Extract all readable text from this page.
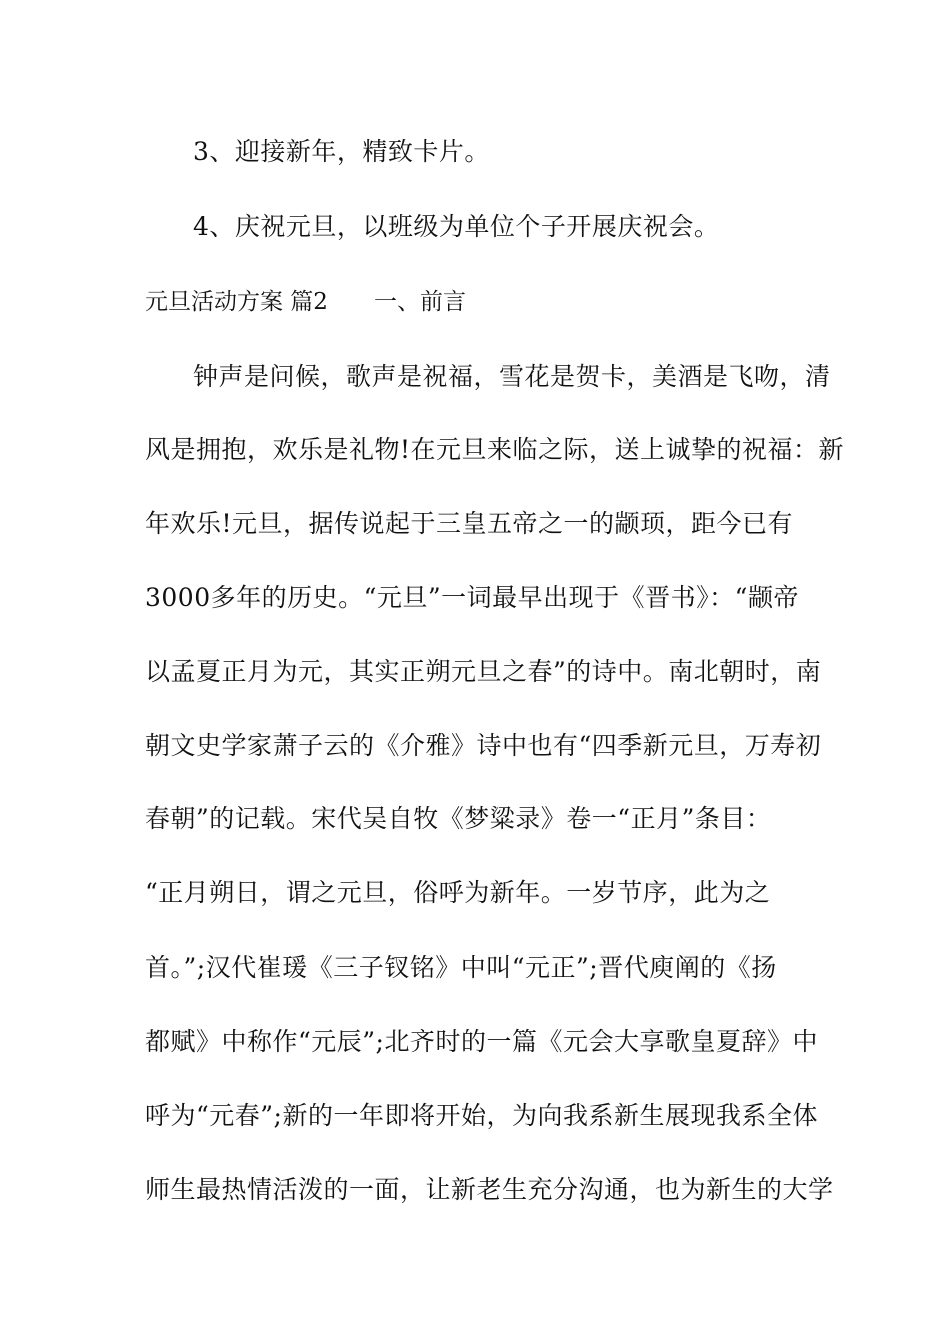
3、迎接新年，精致卡片。
4、庆祝元旦，以班级为单位个子开展庆祝会。
元旦活动方案 篇2 一、前言
钟声是问候，歌声是祝福，雪花是贺卡，美酒是飞吻，清
风是拥抱，欢乐是礼物!在元旦来临之际，送上诚挚的祝福：新
年欢乐!元旦，据传说起于三皇五帝之一的颛顼，距今已有
3000多年的历史。“元旦”一词最早出现于《晋书》：“颛帝
以孟夏正月为元，其实正朔元旦之春”的诗中。南北朝时，南
朝文史学家萧子云的《介雅》诗中也有“四季新元旦，万寿初
春朝”的记载。宋代吴自牧《梦粱录》卷一“正月”条目：
“正月朔日，谓之元旦，俗呼为新年。一岁节序，此为之
首。”;汉代崔瑗《三子钗铭》中叫“元正”;晋代庾阐的《扬
都赋》中称作“元辰”;北齐时的一篇《元会大享歌皇夏辞》中
呼为“元春”;新的一年即将开始，为向我系新生展现我系全体
师生最热情活泼的一面，让新老生充分沟通，也为新生的大学
